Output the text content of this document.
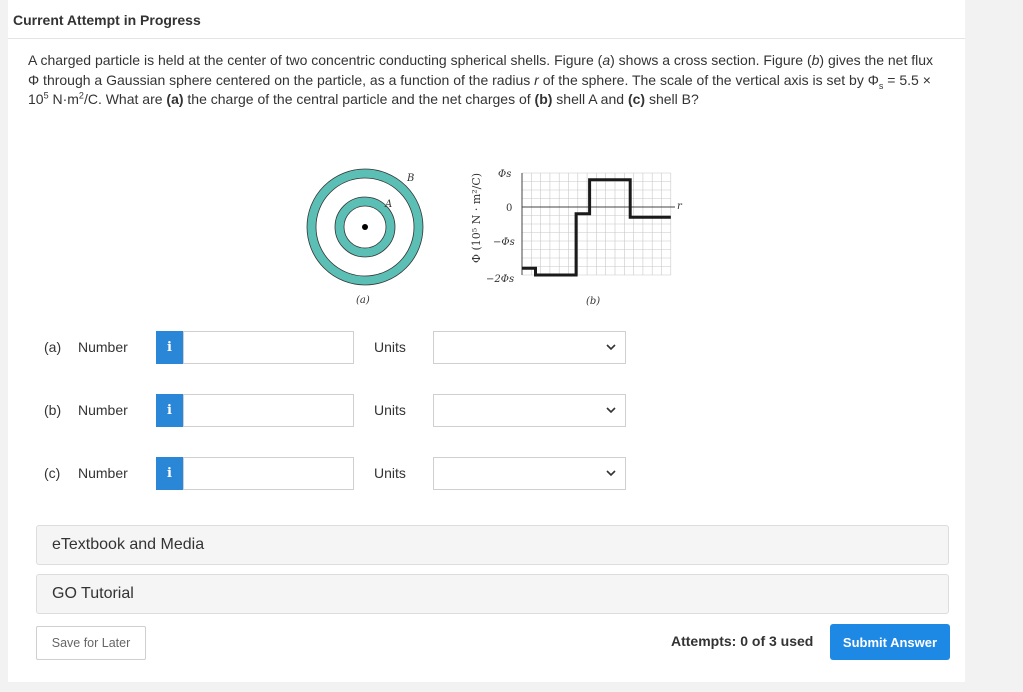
Current Attempt in Progress
A charged particle is held at the center of two concentric conducting spherical shells. Figure (a) shows a cross section. Figure (b) gives the net flux Φ through a Gaussian sphere centered on the particle, as a function of the radius r of the sphere. The scale of the vertical axis is set by $\Phi_s = 5.5 \times 10^5$ $N\cdot m^2/C$. What are (a) the charge of the central particle and the net charges of (b) shell A and (c) shell B?
A
B
(a)
Φ (10⁵ N · m²/C) Φs
0
−Φs
−2Φs
r
(b)
(a) Number	i	Units
(b) Number	i	Units
(c) Number	i	Units
eTextbook and Media
GO Tutorial
Save for Later	Attempts: 0 of 3 used	Submit Answer
